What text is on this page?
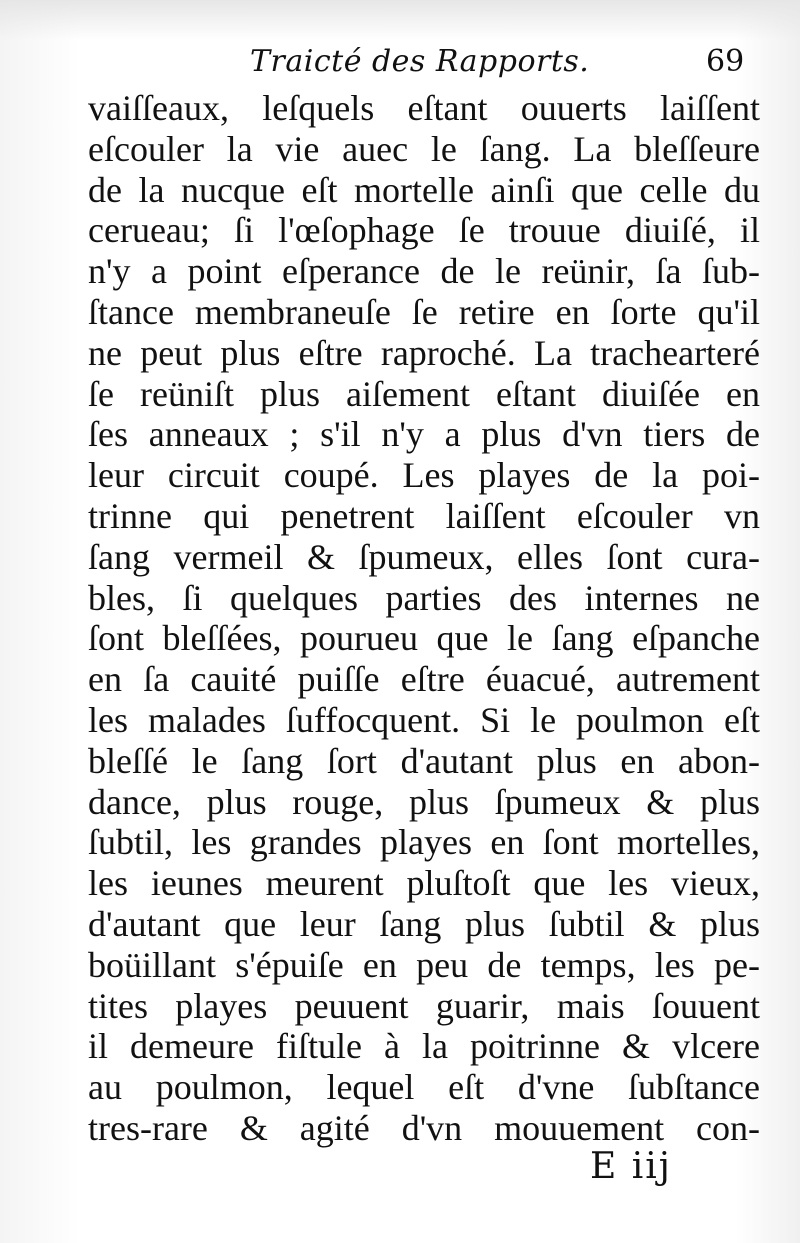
Traicté des Rapports.	69
vaiſſeaux, leſquels eſtant ouuerts laiſſent
eſcouler la vie auec le ſang. La bleſſeure
de la nucque eſt mortelle ainſi que celle du
cerueau; ſi l'œſophage ſe trouue diuiſé, il
n'y a point eſperance de le reünir, ſa ſub-
ſtance membraneuſe ſe retire en ſorte qu'il
ne peut plus eſtre raproché. La trachearteré
ſe reüniſt plus aiſement eſtant diuiſée en
ſes anneaux ; s'il n'y a plus d'vn tiers de
leur circuit coupé. Les playes de la poi-
trinne qui penetrent laiſſent eſcouler vn
ſang vermeil & ſpumeux, elles ſont cura-
bles, ſi quelques parties des internes ne
ſont bleſſées, pourueu que le ſang eſpanche
en ſa cauité puiſſe eſtre éuacué, autrement
les malades ſuffocquent. Si le poulmon eſt
bleſſé le ſang ſort d'autant plus en abon-
dance, plus rouge, plus ſpumeux & plus
ſubtil, les grandes playes en ſont mortelles,
les ieunes meurent pluſtoſt que les vieux,
d'autant que leur ſang plus ſubtil & plus
boüillant s'épuiſe en peu de temps, les pe-
tites playes peuuent guarir, mais ſouuent
il demeure fiſtule à la poitrinne & vlcere
au poulmon, lequel eſt d'vne ſubſtance
tres-rare & agité d'vn mouuement con-
E iij
